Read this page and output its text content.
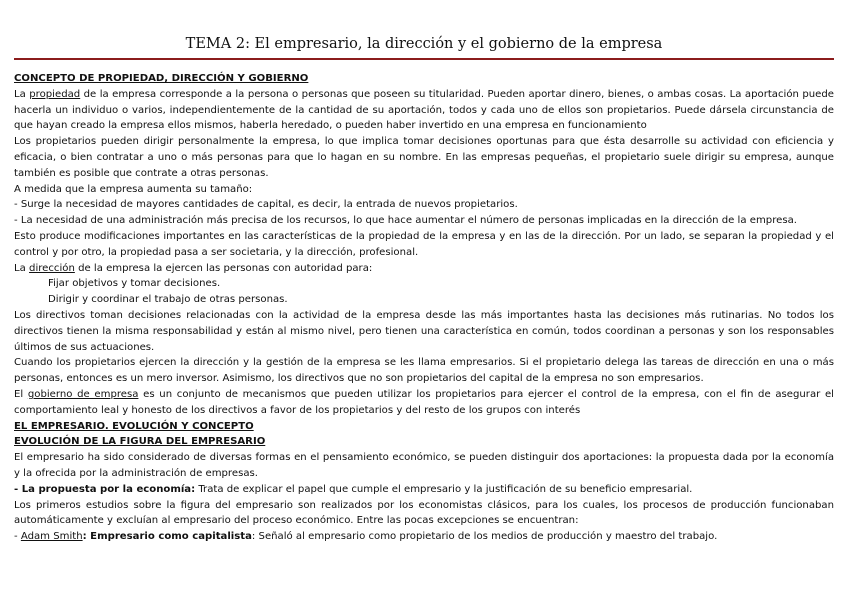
TEMA 2: El empresario, la dirección y el gobierno de la empresa

CONCEPTO DE PROPIEDAD, DIRECCIÓN Y GOBIERNO

La propiedad de la empresa corresponde a la persona o personas que poseen su titularidad. Pueden aportar dinero, bienes, o ambas cosas. La aportación puede hacerla un individuo o varios, independientemente de la cantidad de su aportación, todos y cada uno de ellos son propietarios. Puede dársela circunstancia de que hayan creado la empresa ellos mismos, haberla heredado, o pueden haber invertido en una empresa en funcionamiento

Los propietarios pueden dirigir personalmente la empresa, lo que implica tomar decisiones oportunas para que ésta desarrolle su actividad con eficiencia y eficacia, o bien contratar a uno o más personas para que lo hagan en su nombre. En las empresas pequeñas, el propietario suele dirigir su empresa, aunque también es posible que contrate a otras personas.

A medida que la empresa aumenta su tamaño:

- Surge la necesidad de mayores cantidades de capital, es decir, la entrada de nuevos propietarios.

- La necesidad de una administración más precisa de los recursos, lo que hace aumentar el número de personas implicadas en la dirección de la empresa.

Esto produce modificaciones importantes en las características de la propiedad de la empresa y en las de la dirección. Por un lado, se separan la propiedad y el control y por otro, la propiedad pasa a ser societaria, y la dirección, profesional.

La dirección de la empresa la ejercen las personas con autoridad para:

Fijar objetivos y tomar decisiones.
Dirigir y coordinar el trabajo de otras personas.

Los directivos toman decisiones relacionadas con la actividad de la empresa desde las más importantes hasta las decisiones más rutinarias. No todos los directivos tienen la misma responsabilidad y están al mismo nivel, pero tienen una característica en común, todos coordinan a personas y son los responsables últimos de sus actuaciones.

Cuando los propietarios ejercen la dirección y la gestión de la empresa se les llama empresarios. Si el propietario delega las tareas de dirección en una o más personas, entonces es un mero inversor. Asimismo, los directivos que no son propietarios del capital de la empresa no son empresarios.

El gobierno de empresa es un conjunto de mecanismos que pueden utilizar los propietarios para ejercer el control de la empresa, con el fin de asegurar el comportamiento leal y honesto de los directivos a favor de los propietarios y del resto de los grupos con interés

EL EMPRESARIO. EVOLUCIÓN Y CONCEPTO

EVOLUCIÓN DE LA FIGURA DEL EMPRESARIO

El empresario ha sido considerado de diversas formas en el pensamiento económico, se pueden distinguir dos aportaciones: la propuesta dada por la economía y la ofrecida por la administración de empresas.

- La propuesta por la economía: Trata de explicar el papel que cumple el empresario y la justificación de su beneficio empresarial.

Los primeros estudios sobre la figura del empresario son realizados por los economistas clásicos, para los cuales, los procesos de producción funcionaban automáticamente y excluían al empresario del proceso económico. Entre las pocas excepciones se encuentran:

- Adam Smith: Empresario como capitalista: Señaló al empresario como propietario de los medios de producción y maestro del trabajo.
